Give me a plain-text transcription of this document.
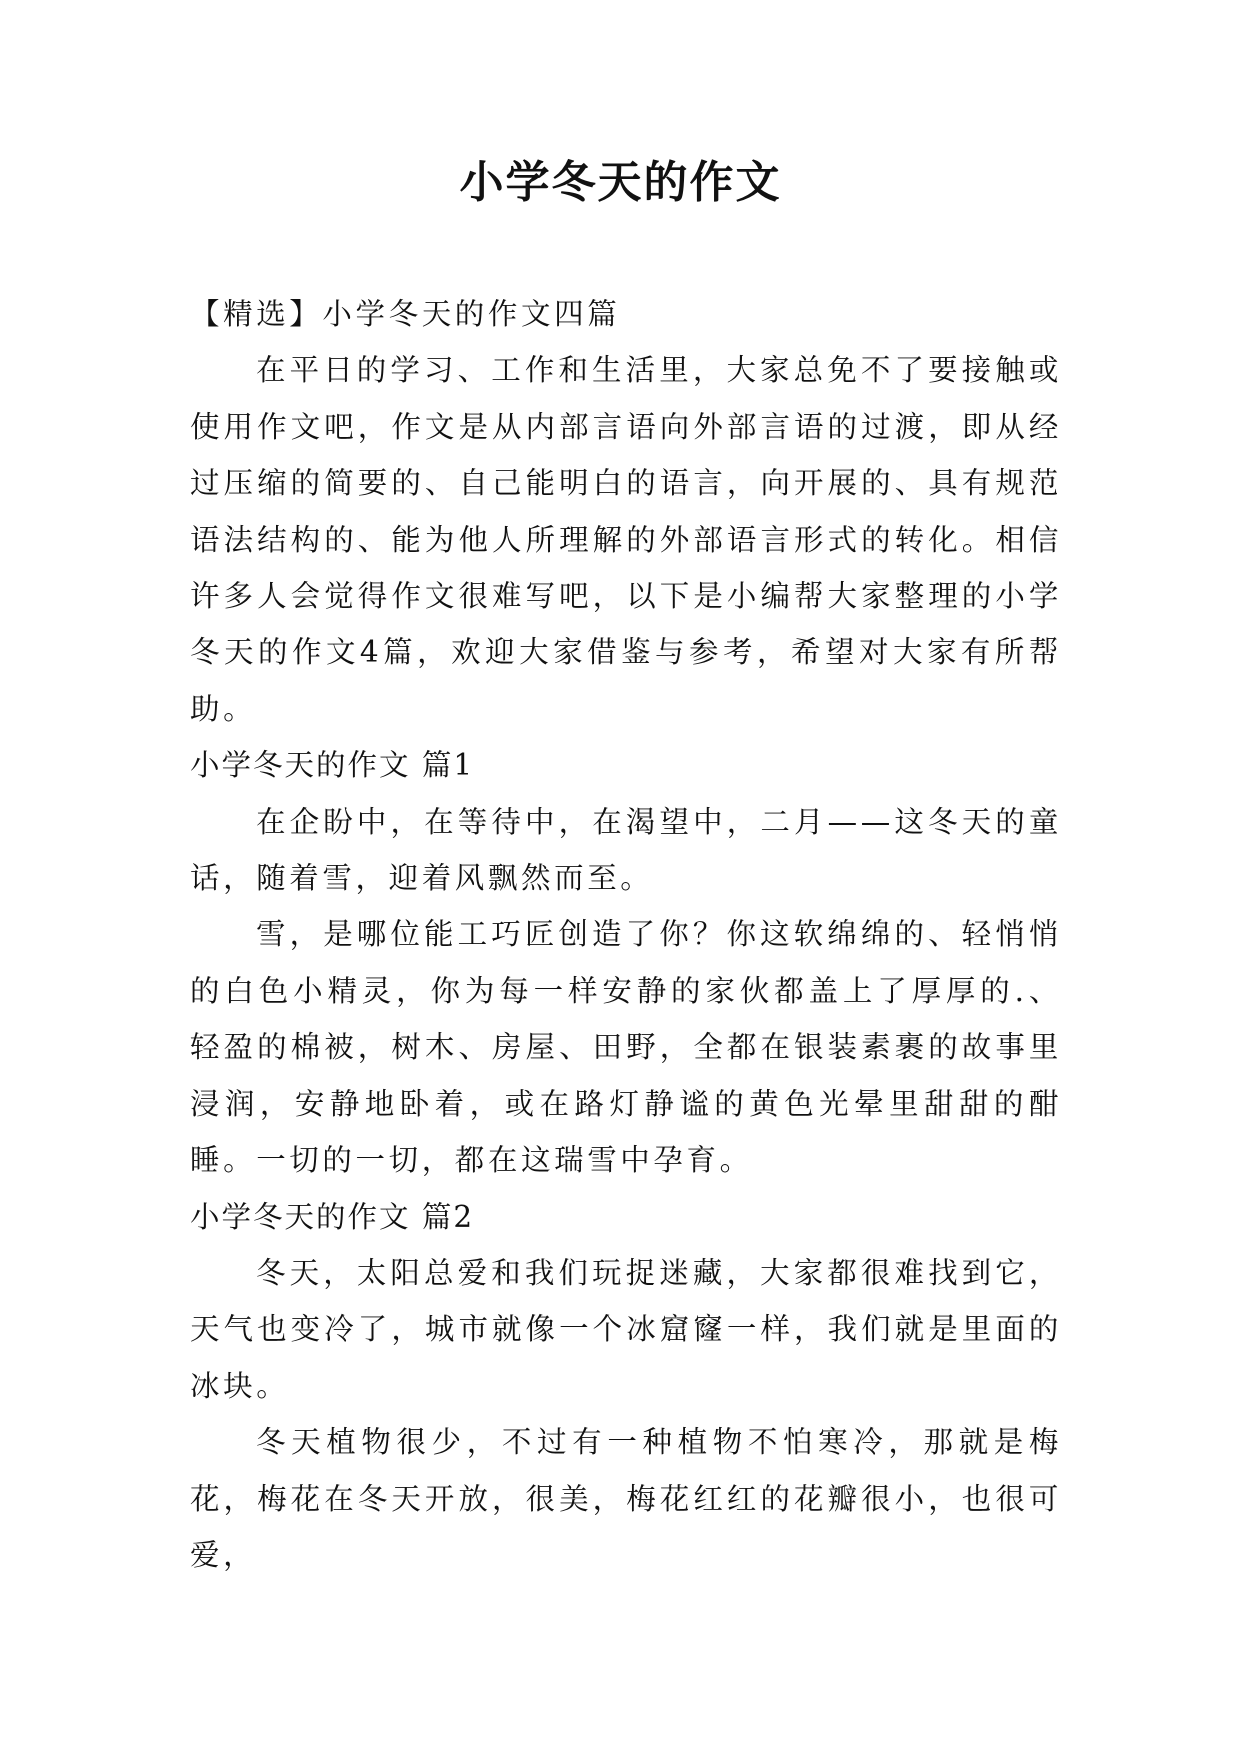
小学冬天的作文

【精选】小学冬天的作文四篇

在平日的学习、工作和生活里，大家总免不了要接触或使用作文吧，作文是从内部言语向外部言语的过渡，即从经过压缩的简要的、自己能明白的语言，向开展的、具有规范语法结构的、能为他人所理解的外部语言形式的转化。相信许多人会觉得作文很难写吧，以下是小编帮大家整理的小学冬天的作文4篇，欢迎大家借鉴与参考，希望对大家有所帮助。

小学冬天的作文 篇1

在企盼中，在等待中，在渴望中，二月——这冬天的童话，随着雪，迎着风飘然而至。

雪，是哪位能工巧匠创造了你？你这软绵绵的、轻悄悄的白色小精灵，你为每一样安静的家伙都盖上了厚厚的.、轻盈的棉被，树木、房屋、田野，全都在银装素裹的故事里浸润，安静地卧着，或在路灯静谧的黄色光晕里甜甜的酣睡。一切的一切，都在这瑞雪中孕育。

小学冬天的作文 篇2

冬天，太阳总爱和我们玩捉迷藏，大家都很难找到它，天气也变冷了，城市就像一个冰窟窿一样，我们就是里面的冰块。

冬天植物很少，不过有一种植物不怕寒冷，那就是梅花，梅花在冬天开放，很美，梅花红红的花瓣很小，也很可爱，
